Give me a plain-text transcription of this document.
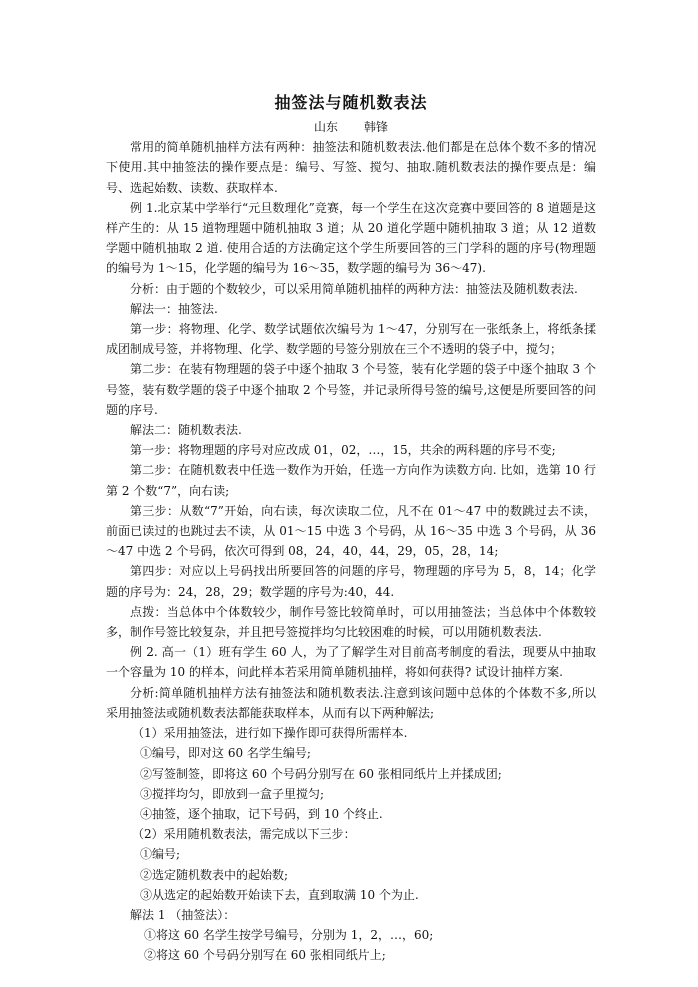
抽签法与随机数表法

山东 韩锋

常用的简单随机抽样方法有两种：抽签法和随机数表法.他们都是在总体个数不多的情况下使用.其中抽签法的操作要点是：编号、写签、搅匀、抽取.随机数表法的操作要点是：编号、选起始数、读数、获取样本.

例 1.北京某中学举行“元旦数理化”竞赛，每一个学生在这次竞赛中要回答的 8 道题是这样产生的：从 15 道物理题中随机抽取 3 道；从 20 道化学题中随机抽取 3 道；从 12 道数学题中随机抽取 2 道. 使用合适的方法确定这个学生所要回答的三门学科的题的序号(物理题的编号为 1～15，化学题的编号为 16～35，数学题的编号为 36～47).

分析：由于题的个数较少，可以采用简单随机抽样的两种方法：抽签法及随机数表法.

解法一：抽签法.

第一步：将物理、化学、数学试题依次编号为 1～47，分别写在一张纸条上，将纸条揉成团制成号签，并将物理、化学、数学题的号签分别放在三个不透明的袋子中，搅匀；

第二步：在装有物理题的袋子中逐个抽取 3 个号签，装有化学题的袋子中逐个抽取 3 个号签，装有数学题的袋子中逐个抽取 2 个号签，并记录所得号签的编号,这便是所要回答的问题的序号.

解法二：随机数表法.

第一步：将物理题的序号对应改成 01，02，…，15，共余的两科题的序号不变;

第二步：在随机数表中任选一数作为开始，任选一方向作为读数方向. 比如，选第 10 行第 2 个数“7”，向右读;

第三步：从数“7”开始，向右读，每次读取二位，凡不在 01～47 中的数跳过去不读，前面已读过的也跳过去不读，从 01～15 中选 3 个号码，从 16～35 中选 3 个号码，从 36～47 中选 2 个号码，依次可得到 08，24，40，44，29，05，28，14;

第四步：对应以上号码找出所要回答的问题的序号，物理题的序号为 5，8，14；化学题的序号为：24，28，29；数学题的序号为:40，44.

点拨：当总体中个体数较少，制作号签比较简单时，可以用抽签法；当总体中个体数较多，制作号签比较复杂，并且把号签搅拌均匀比较困难的时候，可以用随机数表法.

例 2. 高一（1）班有学生 60 人，为了了解学生对目前高考制度的看法，现要从中抽取一个容量为 10 的样本，问此样本若采用简单随机抽样，将如何获得? 试设计抽样方案.

分析:简单随机抽样方法有抽签法和随机数表法.注意到该问题中总体的个体数不多,所以采用抽签法或随机数表法都能获取样本，从而有以下两种解法;

（1）采用抽签法，进行如下操作即可获得所需样本.

①编号，即对这 60 名学生编号;

②写签制签，即将这 60 个号码分别写在 60 张相同纸片上并揉成团;

③搅拌均匀，即放到一盒子里搅匀;

④抽签，逐个抽取，记下号码，到 10 个终止.

（2）采用随机数表法，需完成以下三步：

①编号;

②选定随机数表中的起始数;

③从选定的起始数开始读下去，直到取满 10 个为止.

解法 1 （抽签法）：

①将这 60 名学生按学号编号，分别为 1，2，…，60;

②将这 60 个号码分别写在 60 张相同纸片上;
